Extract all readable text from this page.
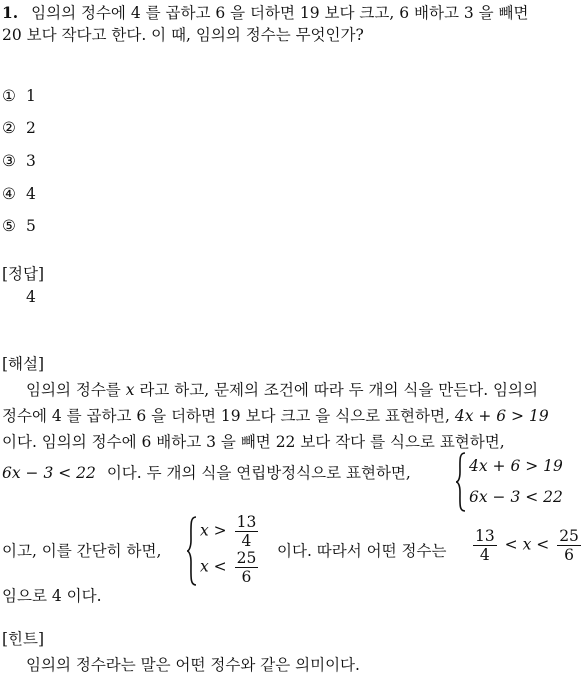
1. 임의의 정수에 4 를 곱하고 6 을 더하면 19 보다 크고, 6 배하고 3 을 빼면
20 보다 작다고 한다. 이 때, 임의의 정수는 무엇인가?
① 1
② 2
③ 3
④ 4
⑤ 5
[정답]
4
[해설]
임의의 정수를 x 라고 하고, 문제의 조건에 따라 두 개의 식을 만든다. 임의의
정수에 4 를 곱하고 6 을 더하면 19 보다 크고 을 식으로 표현하면, 4x + 6 > 19
이다. 임의의 정수에 6 배하고 3 을 빼면 22 보다 작다 를 식으로 표현하면,
6x − 3 < 22 이다. 두 개의 식을 연립방정식으로 표현하면,	4x + 6 > 19
6x − 3 < 22
이고, 이를 간단히 하면,
$x > \frac{13}{4}$
$x < \frac{25}{6}$ 이다. 따라서 어떤 정수는 $\frac{13}{4} < x < \frac{25}{6}$
임으로 4 이다.
[힌트]
임의의 정수라는 말은 어떤 정수와 같은 의미이다.
